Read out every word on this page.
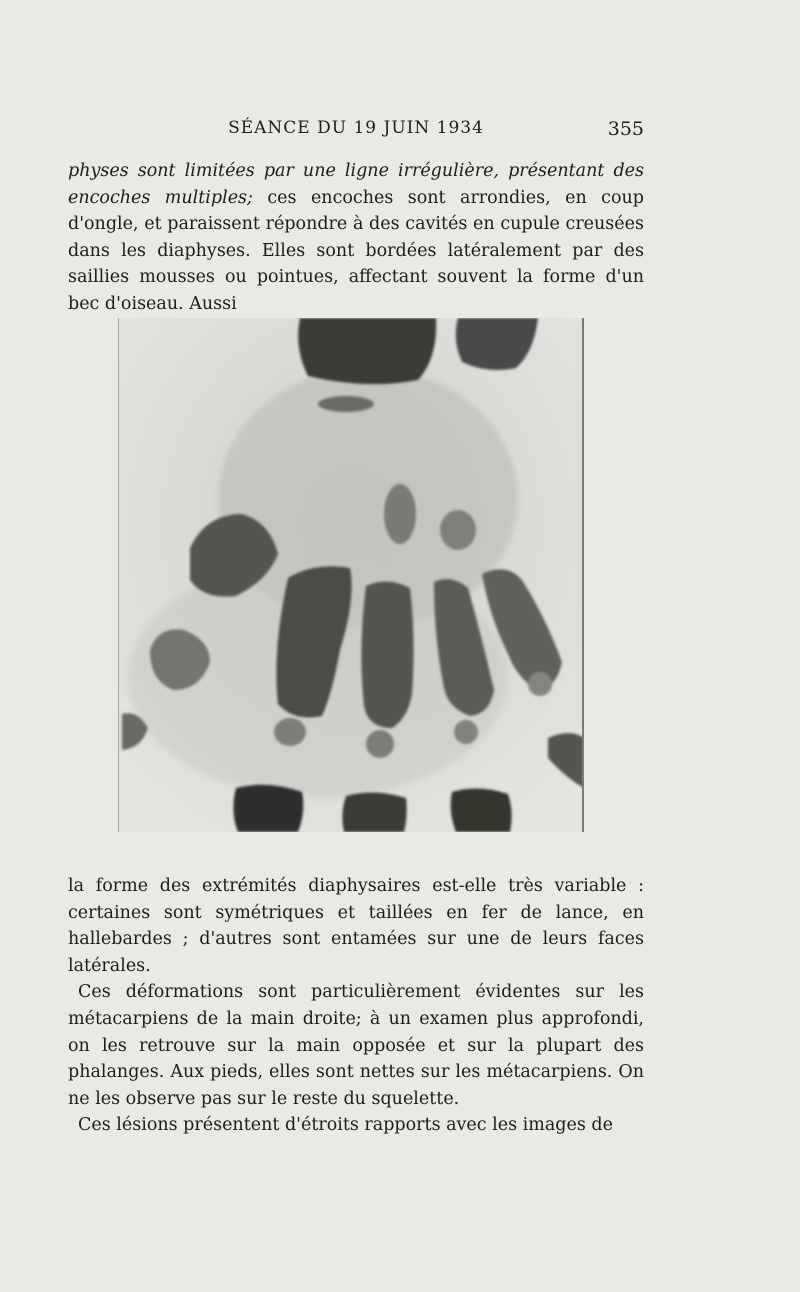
SÉANCE DU 19 JUIN 1934	355

physes sont limitées par une ligne irrégulière, présentant des encoches multiples; ces encoches sont arrondies, en coup d'ongle, et paraissent répondre à des cavités en cupule creusées dans les diaphyses. Elles sont bordées latéralement par des saillies mousses ou pointues, affectant souvent la forme d'un bec d'oiseau. Aussi

la forme des extrémités diaphysaires est-elle très variable : certaines sont symétriques et taillées en fer de lance, en hallebardes ; d'autres sont entamées sur une de leurs faces latérales.

Ces déformations sont particulièrement évidentes sur les métacarpiens de la main droite; à un examen plus approfondi, on les retrouve sur la main opposée et sur la plupart des phalanges. Aux pieds, elles sont nettes sur les métacarpiens. On ne les observe pas sur le reste du squelette.

Ces lésions présentent d'étroits rapports avec les images de
